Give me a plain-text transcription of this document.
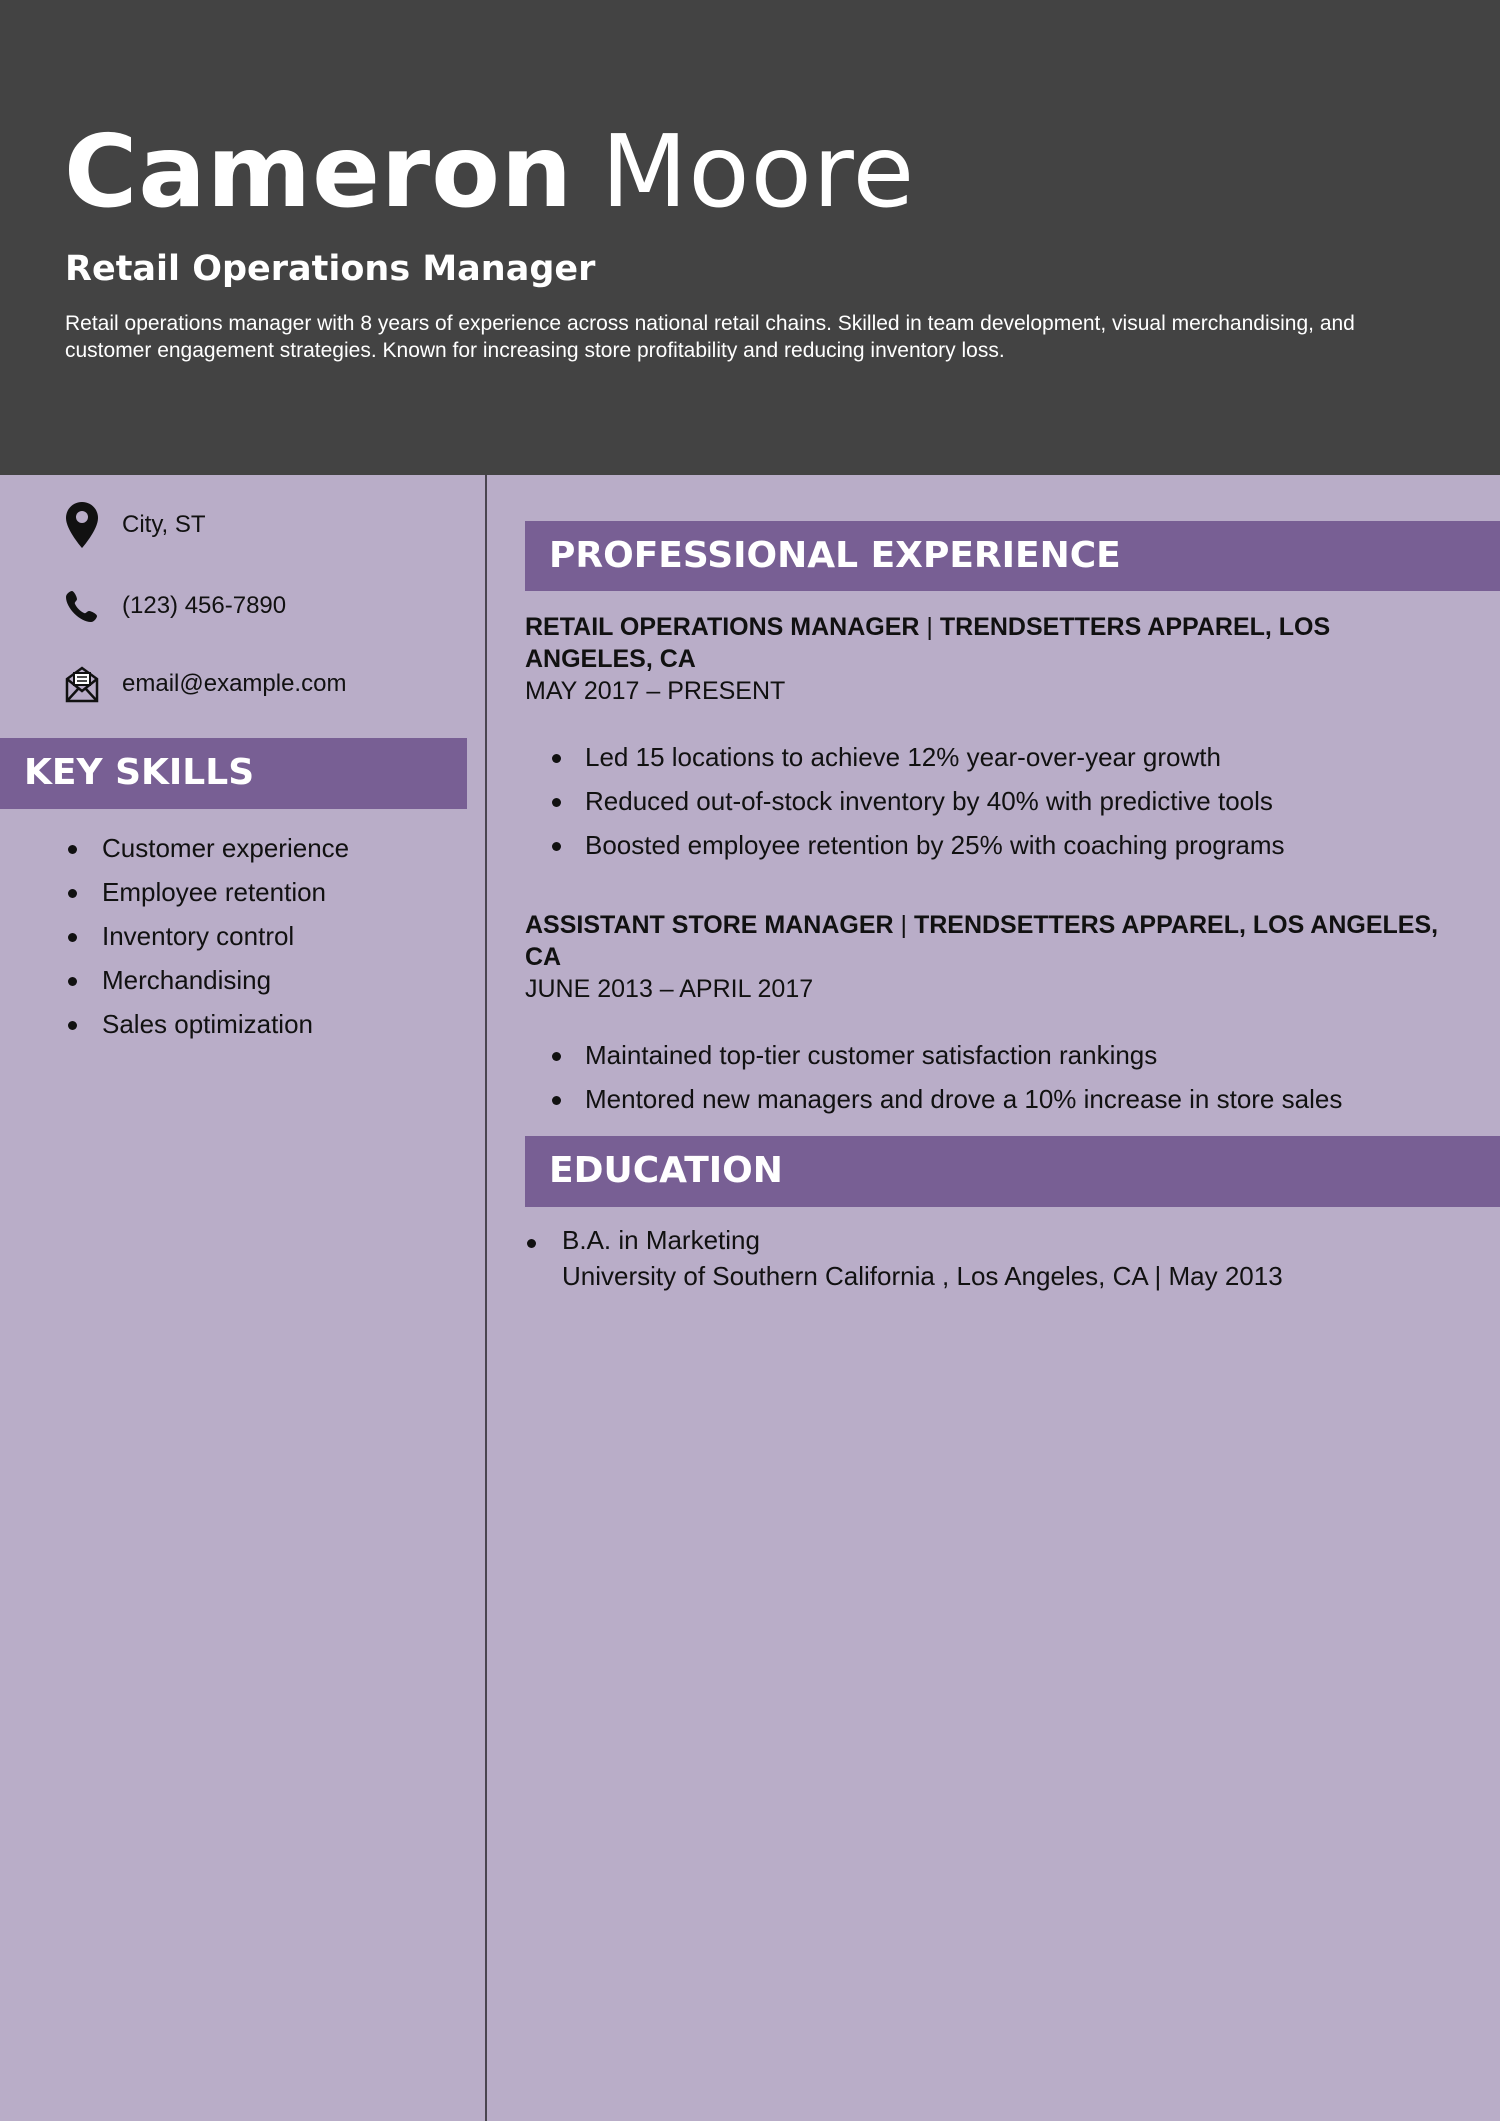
Cameron Moore
Retail Operations Manager
Retail operations manager with 8 years of experience across national retail chains. Skilled in team development, visual merchandising, and customer engagement strategies. Known for increasing store profitability and reducing inventory loss.
City, ST
(123) 456-7890
email@example.com
KEY SKILLS
Customer experience
Employee retention
Inventory control
Merchandising
Sales optimization
PROFESSIONAL EXPERIENCE
RETAIL OPERATIONS MANAGER | TRENDSETTERS APPAREL, LOS ANGELES, CA
MAY 2017 – PRESENT
Led 15 locations to achieve 12% year-over-year growth
Reduced out-of-stock inventory by 40% with predictive tools
Boosted employee retention by 25% with coaching programs
ASSISTANT STORE MANAGER | TRENDSETTERS APPAREL, LOS ANGELES, CA
JUNE 2013 – APRIL 2017
Maintained top-tier customer satisfaction rankings
Mentored new managers and drove a 10% increase in store sales
EDUCATION
B.A. in Marketing
University of Southern California , Los Angeles, CA | May 2013
